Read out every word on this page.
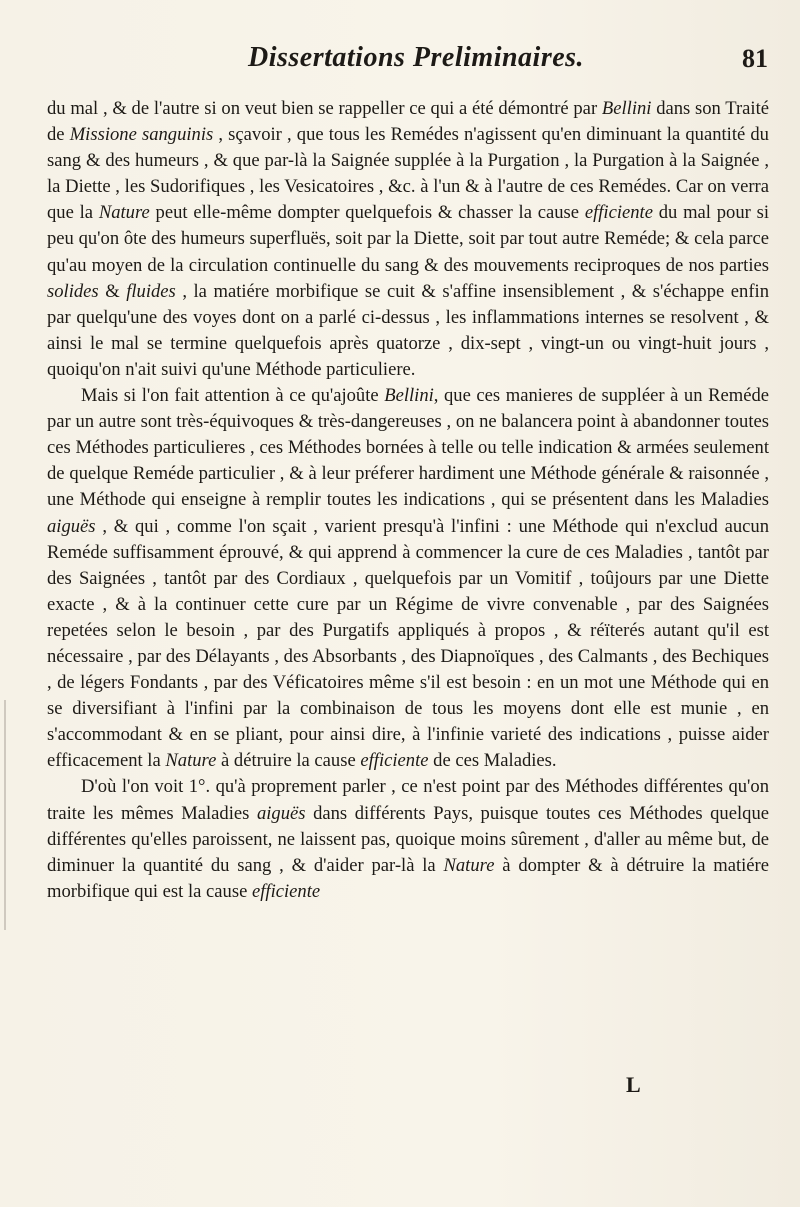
Dissertations Preliminaires.	81

du mal , & de l'autre si on veut bien se rappeller ce qui a été démontré par Bellini dans son Traité de Missione sanguinis , sçavoir , que tous les Remédes n'agissent qu'en diminuant la quantité du sang & des humeurs , & que par-là la Saignée supplée à la Purgation , la Purgation à la Saignée , la Diette , les Sudorifiques , les Vesicatoires , &c. à l'un & à l'autre de ces Remédes. Car on verra que la Nature peut elle-même dompter quelquefois & chasser la cause efficiente du mal pour si peu qu'on ôte des humeurs superfluës, soit par la Diette, soit par tout autre Reméde; & cela parce qu'au moyen de la circulation continuelle du sang & des mouvements reciproques de nos parties solides & fluides , la matiére morbifique se cuit & s'affine insensiblement , & s'échappe enfin par quelqu'une des voyes dont on a parlé ci-dessus , les inflammations internes se resolvent , & ainsi le mal se termine quelquefois après quatorze , dix-sept , vingt-un ou vingt-huit jours , quoiqu'on n'ait suivi qu'une Méthode particuliere.

Mais si l'on fait attention à ce qu'ajoûte Bellini, que ces manieres de suppléer à un Reméde par un autre sont très-équivoques & très-dangereuses , on ne balancera point à abandonner toutes ces Méthodes particulieres , ces Méthodes bornées à telle ou telle indication & armées seulement de quelque Reméde particulier , & à leur préferer hardiment une Méthode générale & raisonnée , une Méthode qui enseigne à remplir toutes les indications , qui se présentent dans les Maladies aiguës , & qui , comme l'on sçait , varient presqu'à l'infini : une Méthode qui n'exclud aucun Reméde suffisamment éprouvé, & qui apprend à commencer la cure de ces Maladies , tantôt par des Saignées , tantôt par des Cordiaux , quelquefois par un Vomitif , toûjours par une Diette exacte , & à la continuer cette cure par un Régime de vivre convenable , par des Saignées repetées selon le besoin , par des Purgatifs appliqués à propos , & réïterés autant qu'il est nécessaire , par des Délayants , des Absorbants , des Diapnoïques , des Calmants , des Bechiques , de légers Fondants , par des Véficatoires même s'il est besoin : en un mot une Méthode qui en se diversifiant à l'infini par la combinaison de tous les moyens dont elle est munie , en s'accommodant & en se pliant, pour ainsi dire, à l'infinie varieté des indications , puisse aider efficacement la Nature à détruire la cause efficiente de ces Maladies.

D'où l'on voit 1°. qu'à proprement parler , ce n'est point par des Méthodes différentes qu'on traite les mêmes Maladies aiguës dans différents Pays, puisque toutes ces Méthodes quelque différentes qu'elles paroissent, ne laissent pas, quoique moins sûrement , d'aller au même but, de diminuer la quantité du sang , & d'aider par-là la Nature à dompter & à détruire la matiére morbifique qui est la cause efficiente

L
